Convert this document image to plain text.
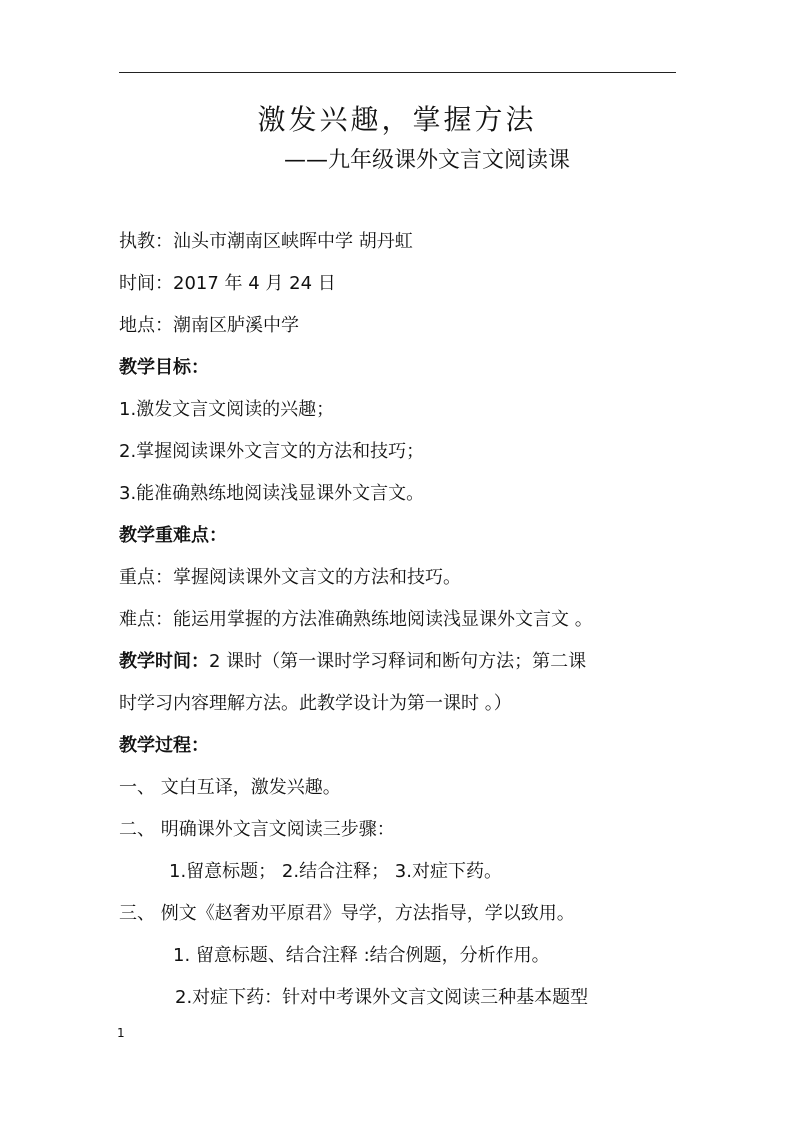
激发兴趣，掌握方法
——九年级课外文言文阅读课
执教：汕头市潮南区峡晖中学 胡丹虹
时间：2017 年 4 月 24 日
地点：潮南区胪溪中学
教学目标：
1.激发文言文阅读的兴趣；
2.掌握阅读课外文言文的方法和技巧；
3.能准确熟练地阅读浅显课外文言文。
教学重难点：
重点：掌握阅读课外文言文的方法和技巧。
难点：能运用掌握的方法准确熟练地阅读浅显课外文言文 。
教学时间：2 课时（第一课时学习释词和断句方法；第二课
时学习内容理解方法。此教学设计为第一课时 。）
教学过程：
一、 文白互译，激发兴趣。
二、 明确课外文言文阅读三步骤：
1.留意标题； 2.结合注释； 3.对症下药。
三、 例文《赵奢劝平原君》导学，方法指导，学以致用。
1. 留意标题、结合注释 :结合例题，分析作用。
2.对症下药：针对中考课外文言文阅读三种基本题型
1
